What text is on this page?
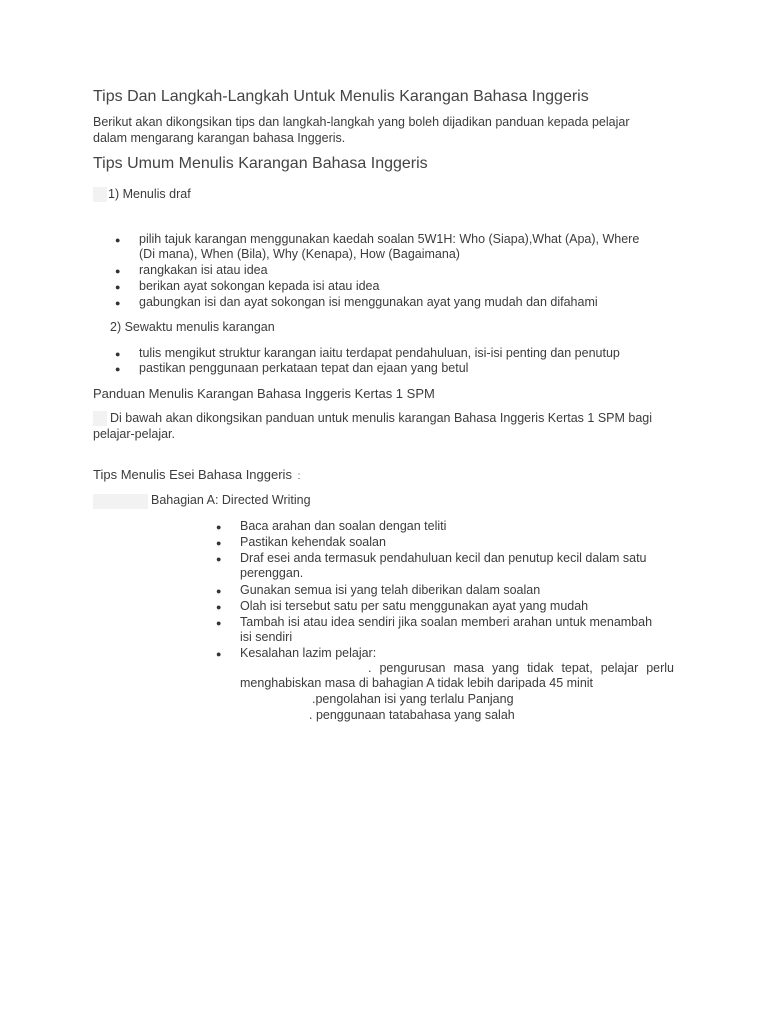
Tips Dan Langkah-Langkah Untuk Menulis Karangan Bahasa Inggeris
Berikut akan dikongsikan tips dan langkah-langkah yang boleh dijadikan panduan kepada pelajar
dalam mengarang karangan bahasa Inggeris.
Tips Umum Menulis Karangan Bahasa Inggeris
1) Menulis draf
● pilih tajuk karangan menggunakan kaedah soalan 5W1H: Who (Siapa),What (Apa), Where
(Di mana), When (Bila), Why (Kenapa), How (Bagaimana)
● rangkakan isi atau idea
● berikan ayat sokongan kepada isi atau idea
● gabungkan isi dan ayat sokongan isi menggunakan ayat yang mudah dan difahami
2) Sewaktu menulis karangan
● tulis mengikut struktur karangan iaitu terdapat pendahuluan, isi-isi penting dan penutup
● pastikan penggunaan perkataan tepat dan ejaan yang betul
Panduan Menulis Karangan Bahasa Inggeris Kertas 1 SPM
Di bawah akan dikongsikan panduan untuk menulis karangan Bahasa Inggeris Kertas 1 SPM bagi
pelajar-pelajar.
Tips Menulis Esei Bahasa Inggeris :
Bahagian A: Directed Writing
● Baca arahan dan soalan dengan teliti
● Pastikan kehendak soalan
● Draf esei anda termasuk pendahuluan kecil dan penutup kecil dalam satu
perenggan.
● Gunakan semua isi yang telah diberikan dalam soalan
● Olah isi tersebut satu per satu menggunakan ayat yang mudah
● Tambah isi atau idea sendiri jika soalan memberi arahan untuk menambah
isi sendiri
● Kesalahan lazim pelajar:
. pengurusan masa yang tidak tepat, pelajar perlu
menghabiskan masa di bahagian A tidak lebih daripada 45 minit
.pengolahan isi yang terlalu Panjang
. penggunaan tatabahasa yang salah
